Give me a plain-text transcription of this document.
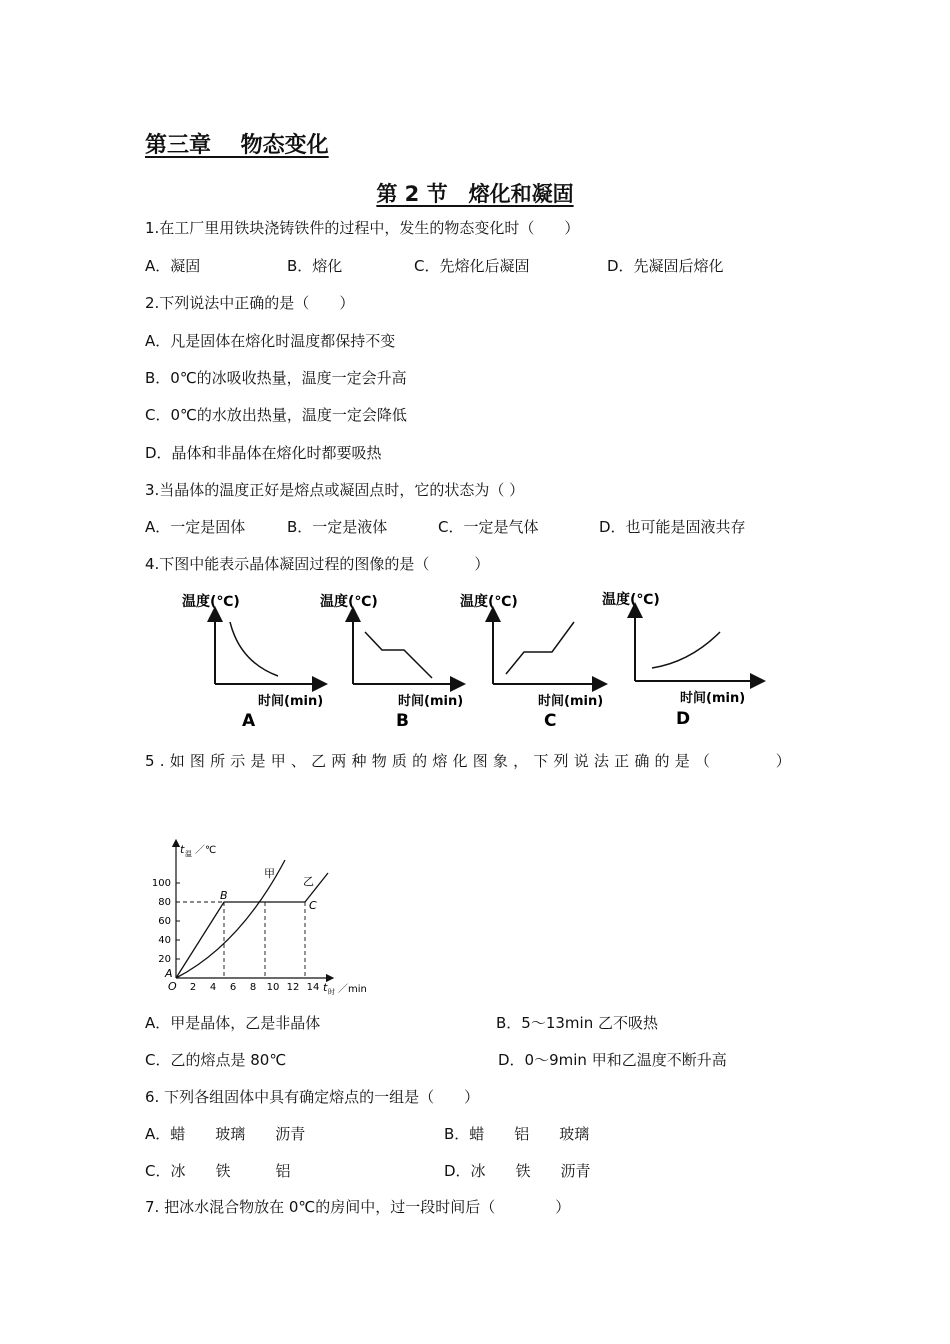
第三章　 物态变化
第 2 节　熔化和凝固
1.在工厂里用铁块浇铸铁件的过程中，发生的物态变化时（　　）
A．凝固	B．熔化	C．先熔化后凝固	D．先凝固后熔化
2.下列说法中正确的是（　　）
A．凡是固体在熔化时温度都保持不变
B．0℃的冰吸收热量，温度一定会升高
C．0℃的水放出热量，温度一定会降低
D．晶体和非晶体在熔化时都要吸热
3.当晶体的温度正好是熔点或凝固点时，它的状态为（ ）
A．一定是固体	B．一定是液体	C．一定是气体	D．也可能是固液共存
4.下图中能表示晶体凝固过程的图像的是（　　　）
温度(℃)
时间(min)
A
温度(℃)
时间(min)
B
温度(℃)
时间(min)
C
温度(℃)
时间(min)
D
5.如图所示是甲、乙两种物质的熔化图象，下列说法正确的是（　　　）
t 温 ／℃
t 时 ／min
100
80
60
40
20
2 4 6 8 10 12 14
O
A
B
C
甲
乙
A．甲是晶体，乙是非晶体	B．5～13min 乙不吸热
C．乙的熔点是 80℃	D．0～9min 甲和乙温度不断升高
6. 下列各组固体中具有确定熔点的一组是（　　）
A．蜡　　玻璃　　沥青	B．蜡　　铝　　玻璃
C．冰　　铁　　　铝	D．冰　　铁　　沥青
7. 把冰水混合物放在 0℃的房间中，过一段时间后（　　　　）
